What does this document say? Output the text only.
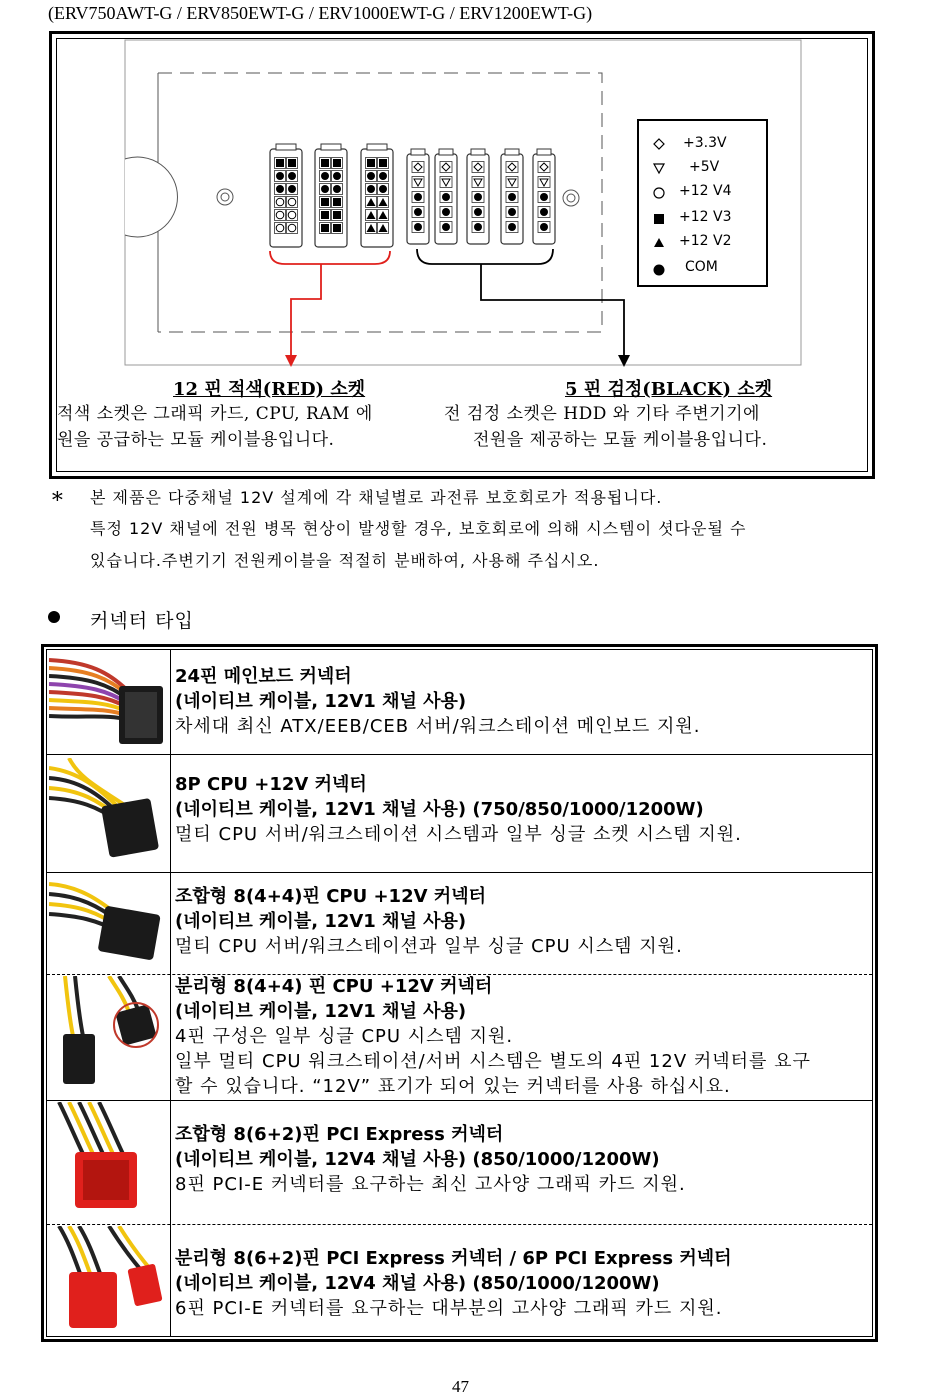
(ERV750AWT-G / ERV850EWT-G / ERV1000EWT-G / ERV1200EWT-G)
12 핀 적색(RED) 소켓	5 핀 검정(BLACK) 소켓
적색 소켓은 그래픽 카드, CPU, RAM 에
원을 공급하는 모듈 케이블용입니다.
전 검정 소켓은 HDD 와 기타 주변기기에
전원을 제공하는 모듈 케이블용입니다.
+3.3V
+5V
+12 V4
+12 V3
+12 V2
COM
∗ 본 제품은 다중채널 12V 설계에 각 채널별로 과전류 보호회로가 적용됩니다.
특정 12V 채널에 전원 병목 현상이 발생할 경우, 보호회로에 의해 시스템이 셧다운될 수
있습니다.주변기기 전원케이블을 적절히 분배하여, 사용해 주십시오.
커넥터 타입
24핀 메인보드 커넥터
(네이티브 케이블, 12V1 채널 사용)
차세대 최신 ATX/EEB/CEB 서버/워크스테이션 메인보드 지원.
8P CPU +12V 커넥터
(네이티브 케이블, 12V1 채널 사용) (750/850/1000/1200W)
멀티 CPU 서버/워크스테이션 시스템과 일부 싱글 소켓 시스템 지원.
조합형 8(4+4)핀 CPU +12V 커넥터
(네이티브 케이블, 12V1 채널 사용)
멀티 CPU 서버/워크스테이션과 일부 싱글 CPU 시스템 지원.
분리형 8(4+4) 핀 CPU +12V 커넥터
(네이티브 케이블, 12V1 채널 사용)
4핀 구성은 일부 싱글 CPU 시스템 지원.
일부 멀티 CPU 워크스테이션/서버 시스템은 별도의 4핀 12V 커넥터를 요구
할 수 있습니다. “12V” 표기가 되어 있는 커넥터를 사용 하십시요.
조합형 8(6+2)핀 PCI Express 커넥터
(네이티브 케이블, 12V4 채널 사용) (850/1000/1200W)
8핀 PCI-E 커넥터를 요구하는 최신 고사양 그래픽 카드 지원.
분리형 8(6+2)핀 PCI Express 커넥터 / 6P PCI Express 커넥터
(네이티브 케이블, 12V4 채널 사용) (850/1000/1200W)
6핀 PCI-E 커넥터를 요구하는 대부분의 고사양 그래픽 카드 지원.
47
